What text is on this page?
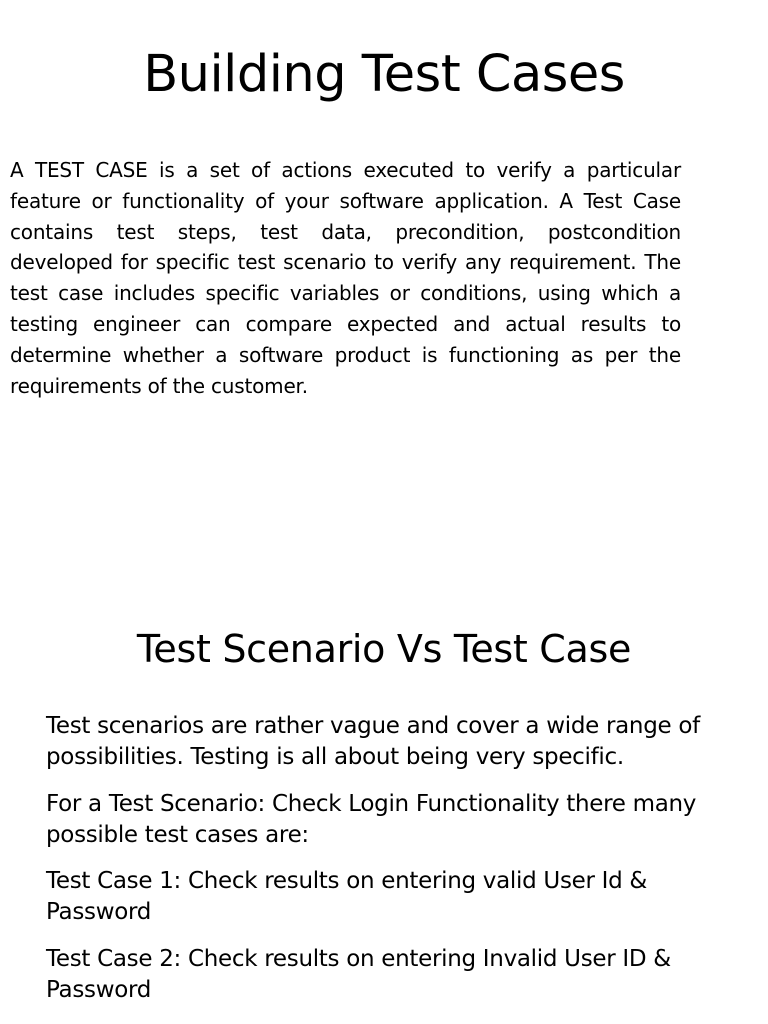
Building Test Cases

A TEST CASE is a set of actions executed to verify a particular feature or functionality of your software application. A Test Case contains test steps, test data, precondition, postcondition developed for specific test scenario to verify any requirement. The test case includes specific variables or conditions, using which a testing engineer can compare expected and actual results to determine whether a software product is functioning as per the requirements of the customer.

Test Scenario Vs Test Case
Test scenarios are rather vague and cover a wide range of possibilities. Testing is all about being very specific.
For a Test Scenario: Check Login Functionality there many possible test cases are:
Test Case 1: Check results on entering valid User Id & Password
Test Case 2: Check results on entering Invalid User ID & Password
